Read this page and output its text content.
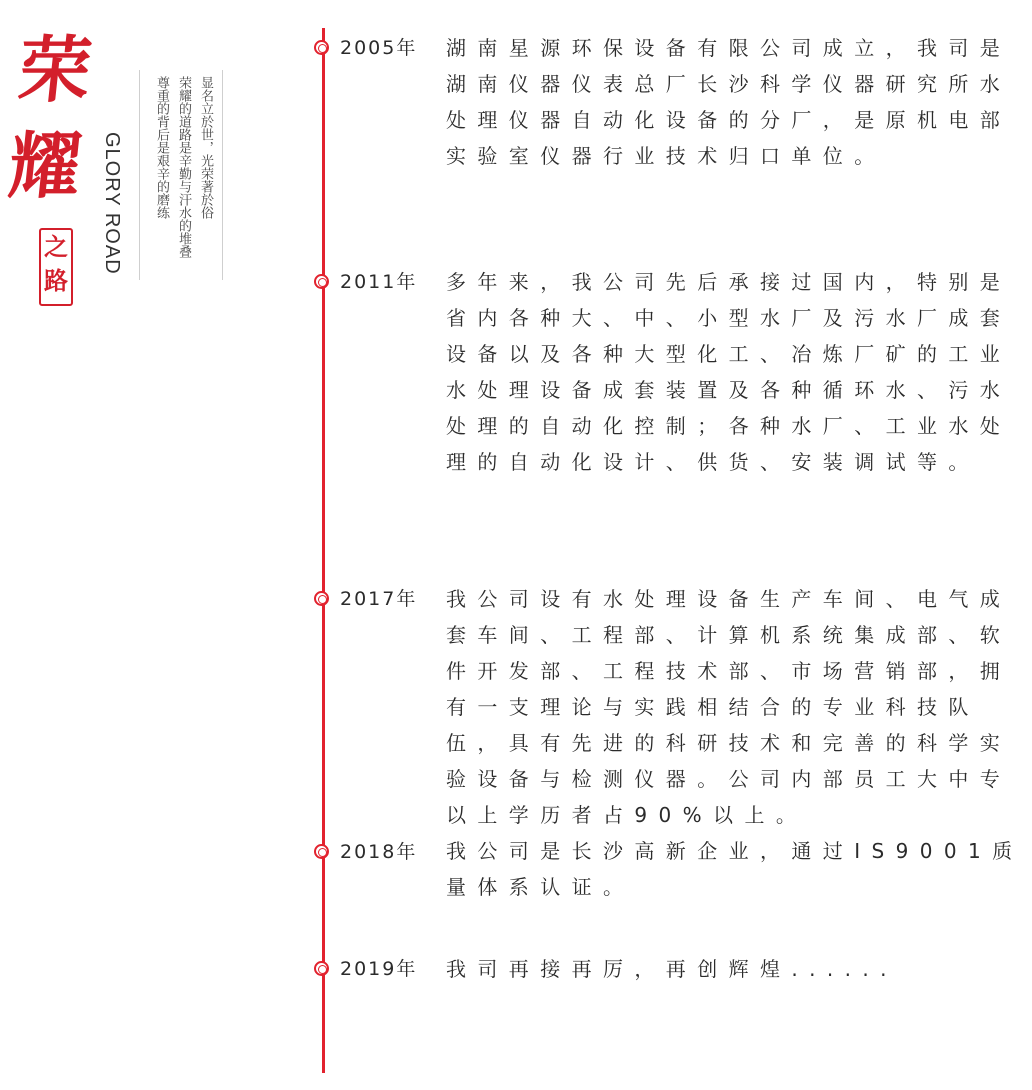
荣
耀
之
路
GLORY ROAD	显名立於世，光荣著於俗
荣耀的道路是辛勤与汗水的堆叠
尊重的背后是艰辛的磨练
2005年 湖南星源环保设备有限公司成立，我司是湖南仪器仪表总厂长沙科学仪器研究所水处理仪器自动化设备的分厂，是原机电部实验室仪器行业技术归口单位。

2011年 多年来，我公司先后承接过国内，特别是省内各种大、中、小型水厂及污水厂成套设备以及各种大型化工、冶炼厂矿的工业水处理设备成套装置及各种循环水、污水处理的自动化控制；各种水厂、工业水处理的自动化设计、供货、安装调试等。

2017年 我公司设有水处理设备生产车间、电气成套车间、工程部、计算机系统集成部、软件开发部、工程技术部、市场营销部，拥有一支理论与实践相结合的专业科技队伍，具有先进的科研技术和完善的科学实验设备与检测仪器。公司内部员工大中专以上学历者占90%以上。

2018年 我公司是长沙高新企业，通过IS9001质量体系认证。

2019年 我司再接再厉，再创辉煌......
